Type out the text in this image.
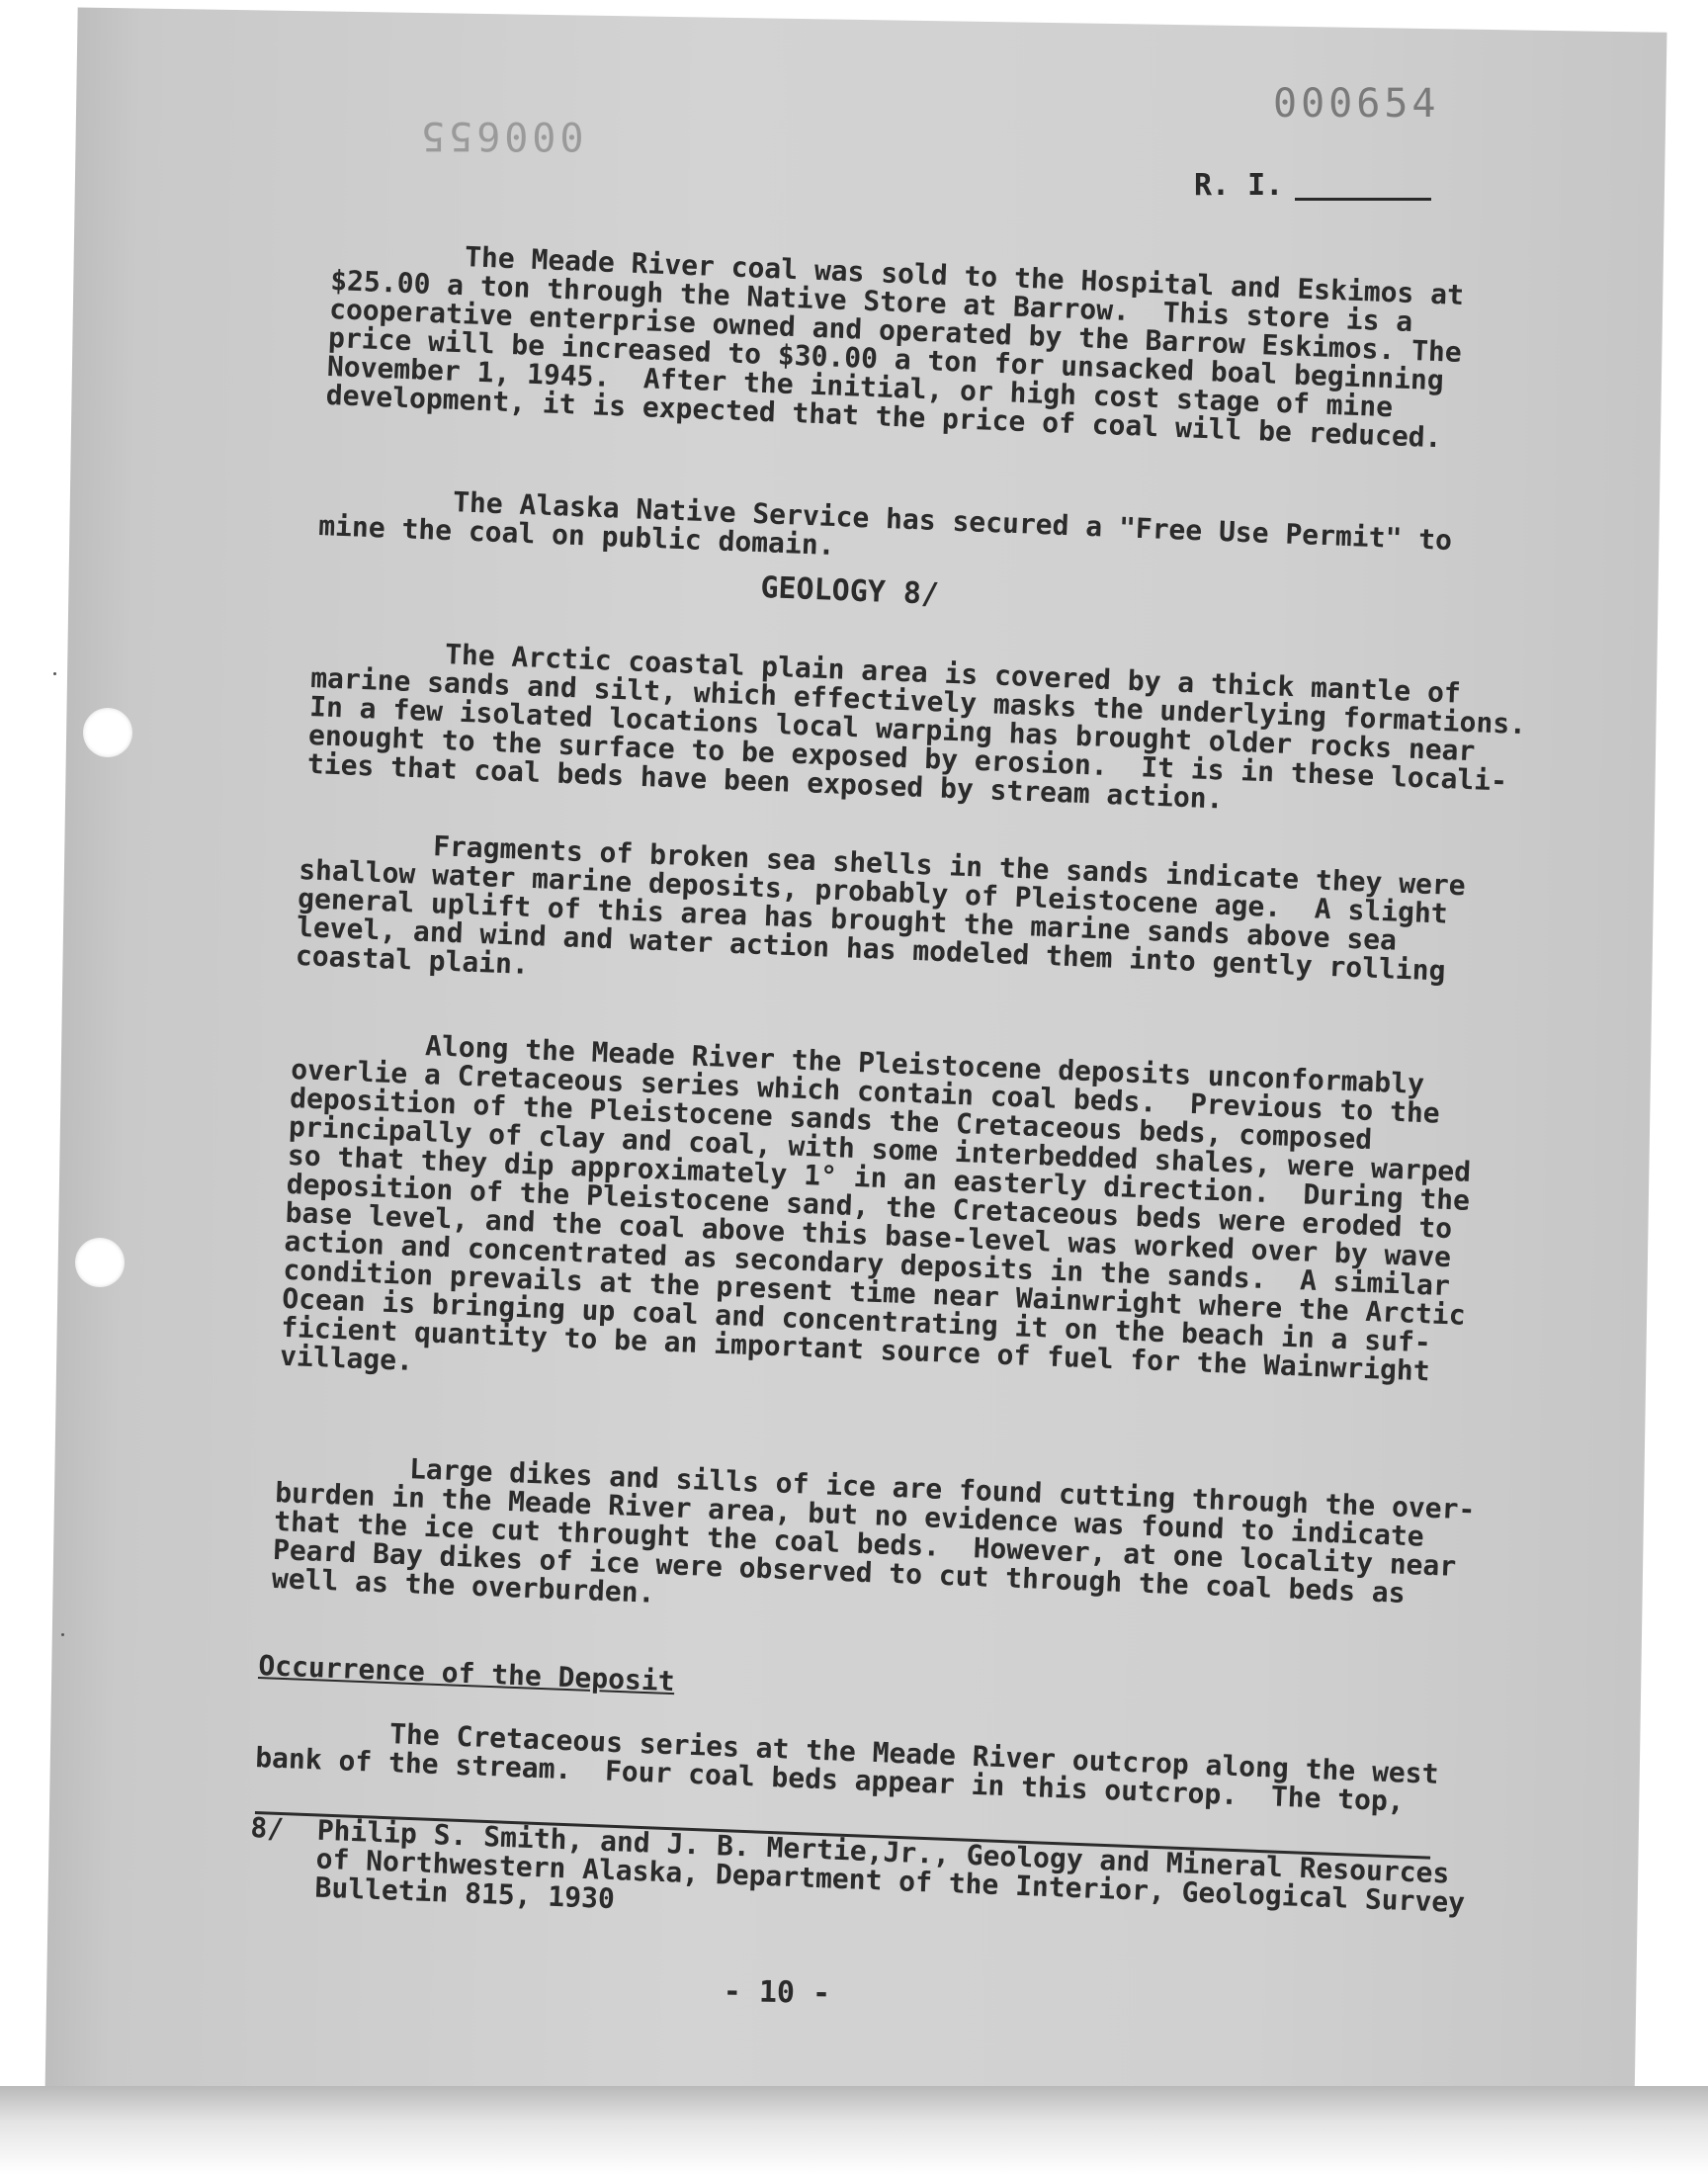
000654
000655
R. I.
The Meade River coal was sold to the Hospital and Eskimos at
$25.00 a ton through the Native Store at Barrow.  This store is a
cooperative enterprise owned and operated by the Barrow Eskimos. The
price will be increased to $30.00 a ton for unsacked boal beginning
November 1, 1945.  After the initial, or high cost stage of mine
development, it is expected that the price of coal will be reduced.
The Alaska Native Service has secured a "Free Use Permit" to
mine the coal on public domain.
GEOLOGY 8/
The Arctic coastal plain area is covered by a thick mantle of
marine sands and silt, which effectively masks the underlying formations.
In a few isolated locations local warping has brought older rocks near
enought to the surface to be exposed by erosion.  It is in these locali-
ties that coal beds have been exposed by stream action.
Fragments of broken sea shells in the sands indicate they were
shallow water marine deposits, probably of Pleistocene age.  A slight
general uplift of this area has brought the marine sands above sea
level, and wind and water action has modeled them into gently rolling
coastal plain.
Along the Meade River the Pleistocene deposits unconformably
overlie a Cretaceous series which contain coal beds.  Previous to the
deposition of the Pleistocene sands the Cretaceous beds, composed
principally of clay and coal, with some interbedded shales, were warped
so that they dip approximately 1° in an easterly direction.  During the
deposition of the Pleistocene sand, the Cretaceous beds were eroded to
base level, and the coal above this base-level was worked over by wave
action and concentrated as secondary deposits in the sands.  A similar
condition prevails at the present time near Wainwright where the Arctic
Ocean is bringing up coal and concentrating it on the beach in a suf-
ficient quantity to be an important source of fuel for the Wainwright
village.
Large dikes and sills of ice are found cutting through the over-
burden in the Meade River area, but no evidence was found to indicate
that the ice cut throught the coal beds.  However, at one locality near
Peard Bay dikes of ice were observed to cut through the coal beds as
well as the overburden.
Occurrence of the Deposit
The Cretaceous series at the Meade River outcrop along the west
bank of the stream.  Four coal beds appear in this outcrop.  The top,
8/  Philip S. Smith, and J. B. Mertie,Jr., Geology and Mineral Resources
of Northwestern Alaska, Department of the Interior, Geological Survey
Bulletin 815, 1930
- 10 -
